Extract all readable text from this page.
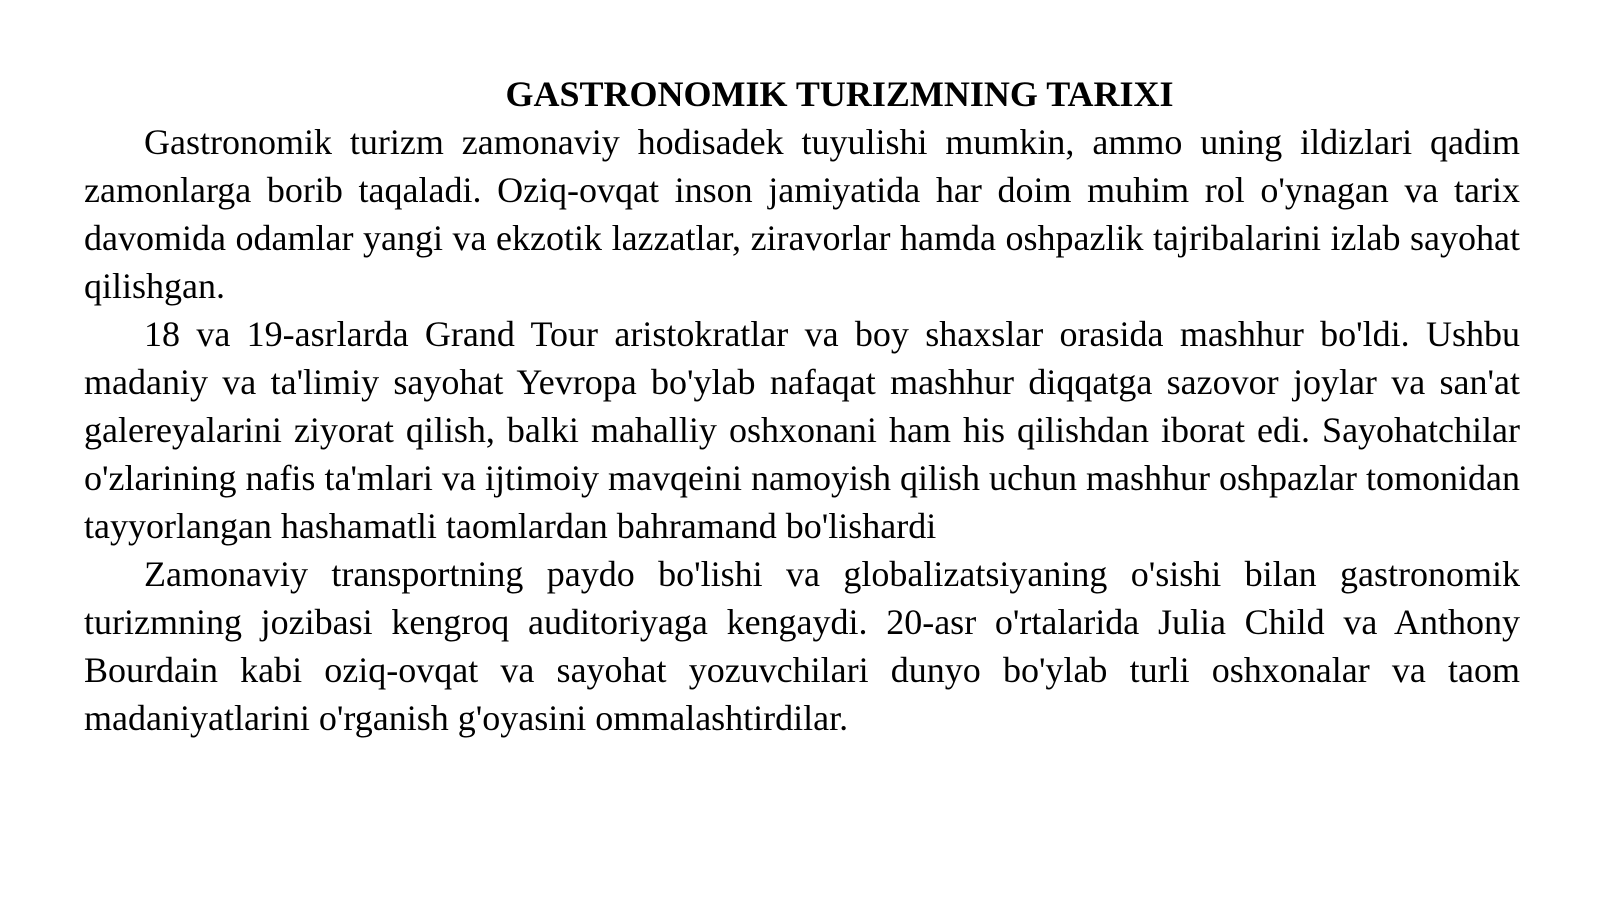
GASTRONOMIK TURIZMNING TARIXI

Gastronomik turizm zamonaviy hodisadek tuyulishi mumkin, ammo uning ildizlari qadim zamonlarga borib taqaladi. Oziq-ovqat inson jamiyatida har doim muhim rol o'ynagan va tarix davomida odamlar yangi va ekzotik lazzatlar, ziravorlar hamda oshpazlik tajribalarini izlab sayohat qilishgan.

18 va 19-asrlarda Grand Tour aristokratlar va boy shaxslar orasida mashhur bo'ldi. Ushbu madaniy va ta'limiy sayohat Yevropa bo'ylab nafaqat mashhur diqqatga sazovor joylar va san'at galereyalarini ziyorat qilish, balki mahalliy oshxonani ham his qilishdan iborat edi. Sayohatchilar o'zlarining nafis ta'mlari va ijtimoiy mavqeini namoyish qilish uchun mashhur oshpazlar tomonidan tayyorlangan hashamatli taomlardan bahramand bo'lishardi

Zamonaviy transportning paydo bo'lishi va globalizatsiyaning o'sishi bilan gastronomik turizmning jozibasi kengroq auditoriyaga kengaydi. 20-asr o'rtalarida Julia Child va Anthony Bourdain kabi oziq-ovqat va sayohat yozuvchilari dunyo bo'ylab turli oshxonalar va taom madaniyatlarini o'rganish g'oyasini ommalashtirdilar.
